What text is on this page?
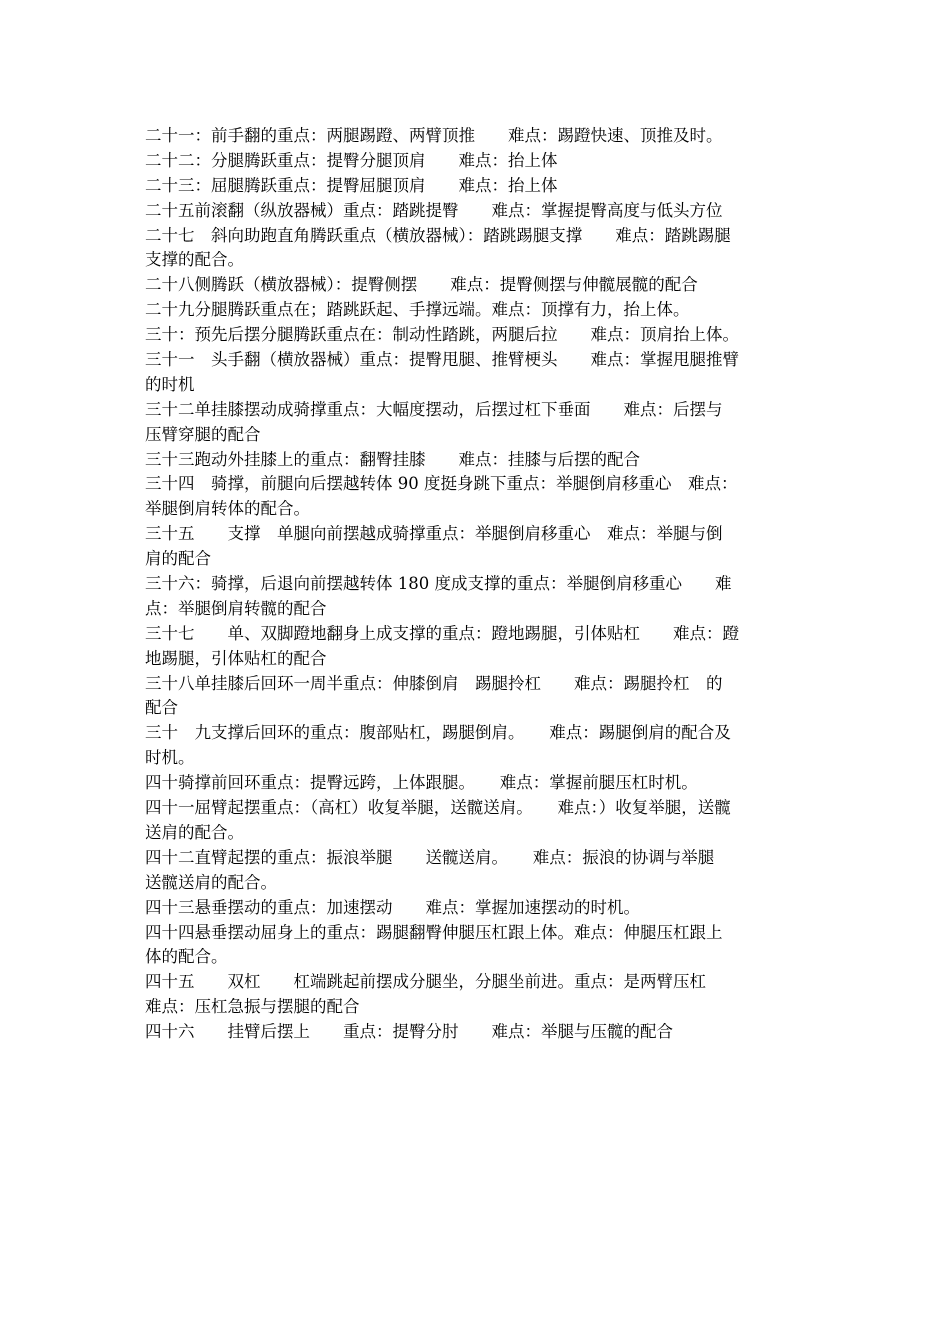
二十一：前手翻的重点：两腿踢蹬、两臂顶推　　难点：踢蹬快速、顶推及时。
二十二：分腿腾跃重点：提臀分腿顶肩　　难点：抬上体
二十三：屈腿腾跃重点：提臀屈腿顶肩　　难点：抬上体
二十五前滚翻（纵放器械）重点：踏跳提臀　　难点：掌握提臀高度与低头方位
二十七　斜向助跑直角腾跃重点（横放器械）：踏跳踢腿支撑　　难点：踏跳踢腿
支撑的配合。
二十八侧腾跃（横放器械）：提臀侧摆　　难点：提臀侧摆与伸髋展髋的配合
二十九分腿腾跃重点在；踏跳跃起、手撑远端。难点：顶撑有力，抬上体。
三十：预先后摆分腿腾跃重点在：制动性踏跳，两腿后拉　　难点：顶肩抬上体。
三十一　头手翻（横放器械）重点：提臀甩腿、推臂梗头　　难点：掌握甩腿推臂
的时机
三十二单挂膝摆动成骑撑重点：大幅度摆动，后摆过杠下垂面　　难点：后摆与
压臂穿腿的配合
三十三跑动外挂膝上的重点：翻臀挂膝　　难点：挂膝与后摆的配合
三十四　骑撑，前腿向后摆越转体 90 度挺身跳下重点：举腿倒肩移重心　难点：
举腿倒肩转体的配合。
三十五　　支撑　单腿向前摆越成骑撑重点：举腿倒肩移重心　难点：举腿与倒
肩的配合
三十六：骑撑，后退向前摆越转体 180 度成支撑的重点：举腿倒肩移重心　　难
点：举腿倒肩转髋的配合
三十七　　单、双脚蹬地翻身上成支撑的重点：蹬地踢腿，引体贴杠　　难点：蹬
地踢腿，引体贴杠的配合
三十八单挂膝后回环一周半重点：伸膝倒肩　踢腿拎杠　　难点：踢腿拎杠　的
配合
三十　九支撑后回环的重点：腹部贴杠，踢腿倒肩。　　难点：踢腿倒肩的配合及
时机。
四十骑撑前回环重点：提臀远跨，上体跟腿。　　难点：掌握前腿压杠时机。
四十一屈臂起摆重点：（高杠）收复举腿，送髋送肩。　　难点：）收复举腿，送髋
送肩的配合。
四十二直臂起摆的重点：振浪举腿　　送髋送肩。　　难点：振浪的协调与举腿
送髋送肩的配合。
四十三悬垂摆动的重点：加速摆动　　难点：掌握加速摆动的时机。
四十四悬垂摆动屈身上的重点：踢腿翻臀伸腿压杠跟上体。难点：伸腿压杠跟上
体的配合。
四十五　　双杠　　杠端跳起前摆成分腿坐，分腿坐前进。重点：是两臂压杠
难点：压杠急振与摆腿的配合
四十六　　挂臂后摆上　　重点：提臀分肘　　难点：举腿与压髋的配合
